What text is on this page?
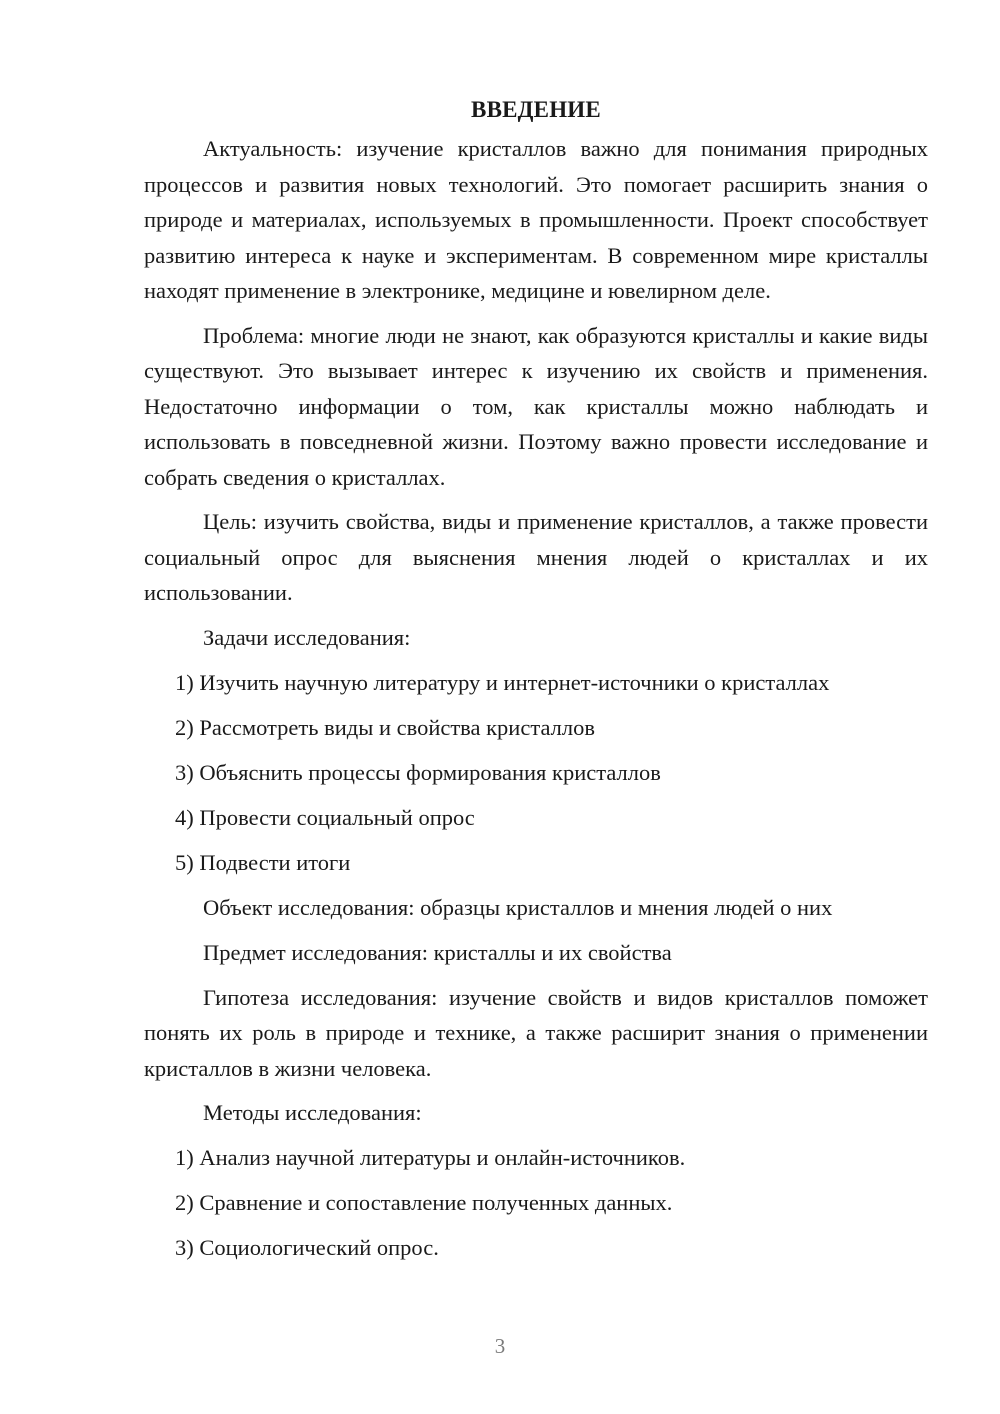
ВВЕДЕНИЕ

Актуальность: изучение кристаллов важно для понимания природных процессов и развития новых технологий. Это помогает расширить знания о природе и материалах, используемых в промышленности. Проект способствует развитию интереса к науке и экспериментам. В современном мире кристаллы находят применение в электронике, медицине и ювелирном деле.

Проблема: многие люди не знают, как образуются кристаллы и какие виды существуют. Это вызывает интерес к изучению их свойств и применения. Недостаточно информации о том, как кристаллы можно наблюдать и использовать в повседневной жизни. Поэтому важно провести исследование и собрать сведения о кристаллах.

Цель: изучить свойства, виды и применение кристаллов, а также провести социальный опрос для выяснения мнения людей о кристаллах и их использовании.

Задачи исследования:
1) Изучить научную литературу и интернет-источники о кристаллах
2) Рассмотреть виды и свойства кристаллов
3) Объяснить процессы формирования кристаллов
4) Провести социальный опрос
5) Подвести итоги
Объект исследования: образцы кристаллов и мнения людей о них
Предмет исследования: кристаллы и их свойства

Гипотеза исследования: изучение свойств и видов кристаллов поможет понять их роль в природе и технике, а также расширит знания о применении кристаллов в жизни человека.

Методы исследования:
1) Анализ научной литературы и онлайн-источников.
2) Сравнение и сопоставление полученных данных.
3) Социологический опрос.
3
